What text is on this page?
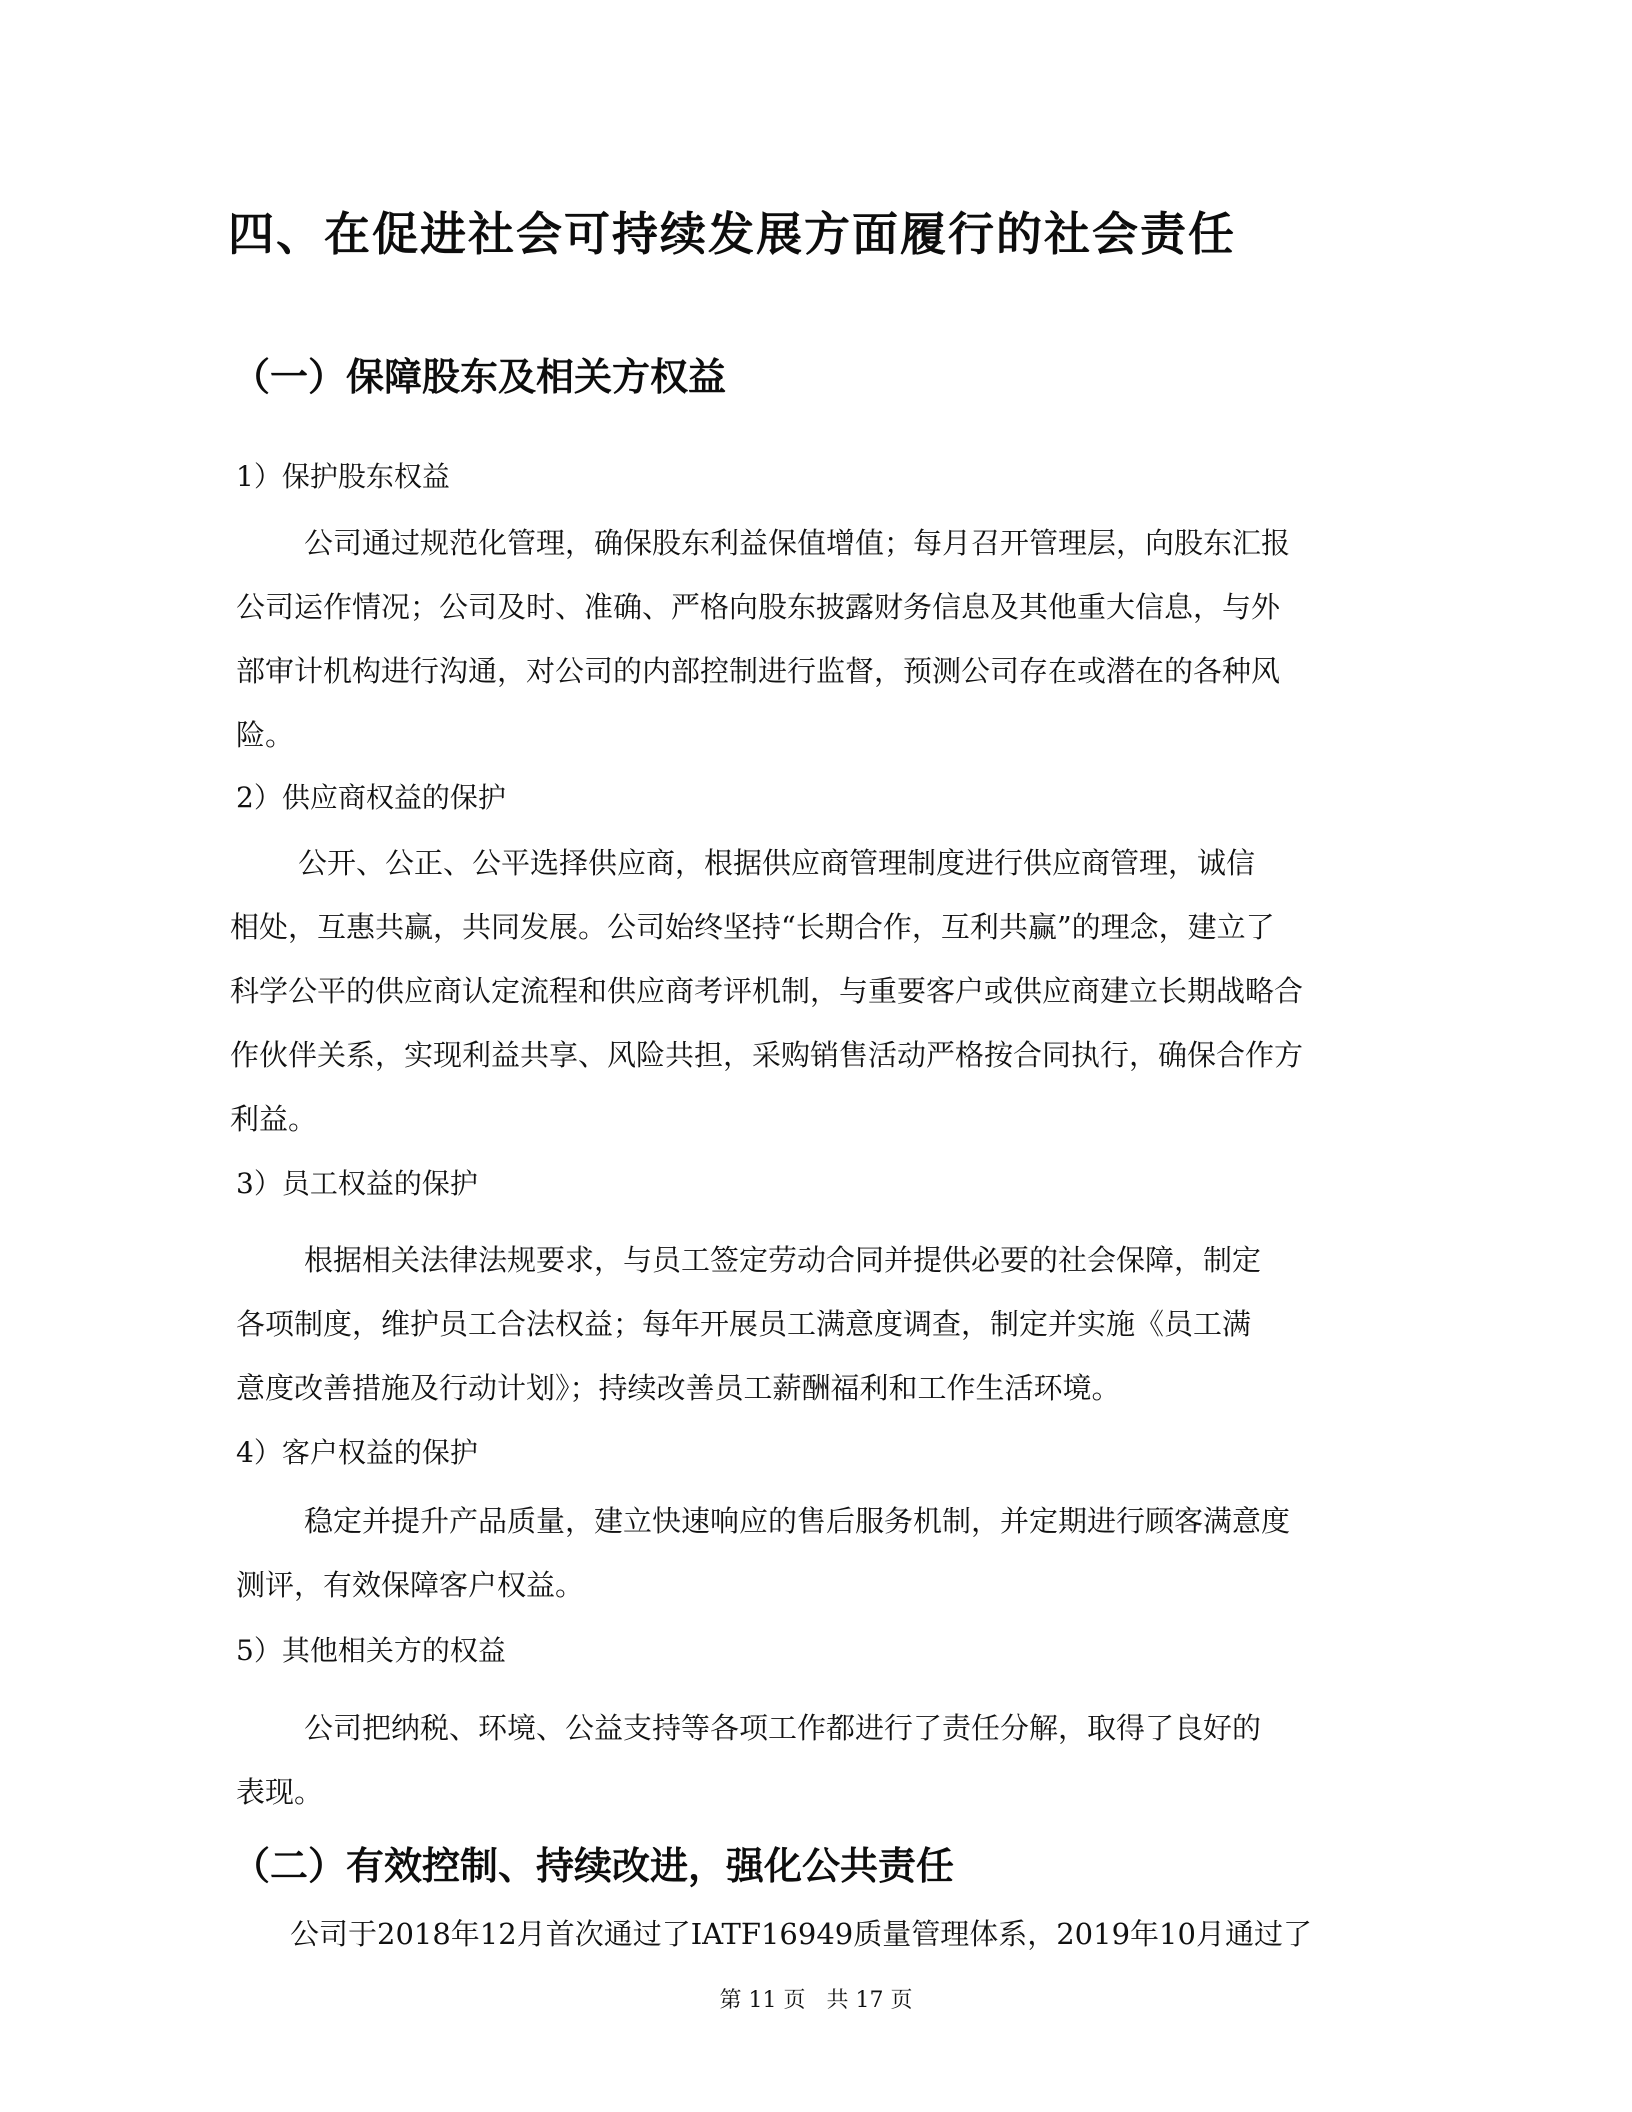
四、在促进社会可持续发展方面履行的社会责任
（一）保障股东及相关方权益
1）保护股东权益
公司通过规范化管理，确保股东利益保值增值；每月召开管理层，向股东汇报
公司运作情况；公司及时、准确、严格向股东披露财务信息及其他重大信息，与外
部审计机构进行沟通，对公司的内部控制进行监督，预测公司存在或潜在的各种风
险。
2）供应商权益的保护
公开、公正、公平选择供应商，根据供应商管理制度进行供应商管理，诚信
相处，互惠共赢，共同发展。公司始终坚持“长期合作，互利共赢”的理念，建立了
科学公平的供应商认定流程和供应商考评机制，与重要客户或供应商建立长期战略合
作伙伴关系，实现利益共享、风险共担，采购销售活动严格按合同执行，确保合作方
利益。
3）员工权益的保护
根据相关法律法规要求，与员工签定劳动合同并提供必要的社会保障，制定
各项制度，维护员工合法权益；每年开展员工满意度调查，制定并实施《员工满
意度改善措施及行动计划》；持续改善员工薪酬福利和工作生活环境。
4）客户权益的保护
稳定并提升产品质量，建立快速响应的售后服务机制，并定期进行顾客满意度
测评，有效保障客户权益。
5）其他相关方的权益
公司把纳税、环境、公益支持等各项工作都进行了责任分解，取得了良好的
表现。
（二）有效控制、持续改进，强化公共责任
公司于2018年12月首次通过了IATF16949质量管理体系，2019年10月通过了
第 11 页   共 17 页
